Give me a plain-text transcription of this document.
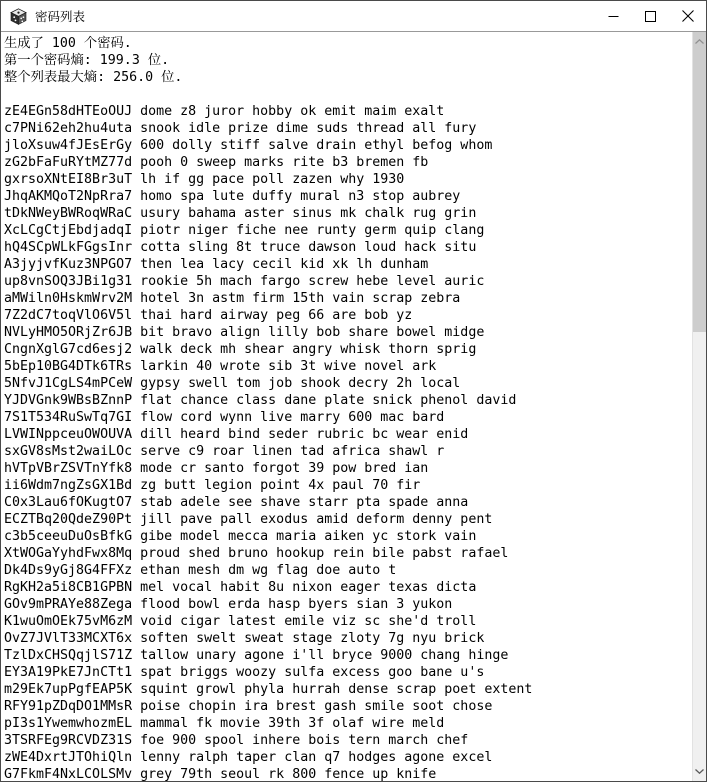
密码列表
生成了 100 个密码.
第一个密码熵: 199.3 位.
整个列表最大熵: 256.0 位.

zE4EGn58dHTEoOUJ dome z8 juror hobby ok emit maim exalt
c7PNi62eh2hu4uta snook idle prize dime suds thread all fury
jloXsuw4fJEsErGy 600 dolly stiff salve drain ethyl befog whom
zG2bFaFuRYtMZ77d pooh 0 sweep marks rite b3 bremen fb
gxrsoXNtEI8Br3uT lh if gg pace poll zazen why 1930
JhqAKMQoT2NpRra7 homo spa lute duffy mural n3 stop aubrey
tDkNWeyBWRoqWRaC usury bahama aster sinus mk chalk rug grin
XcLCgCtjEbdjadqI piotr niger fiche nee runty germ quip clang
hQ4SCpWLkFGgsInr cotta sling 8t truce dawson loud hack situ
A3jyjvfKuz3NPGO7 then lea lacy cecil kid xk lh dunham
up8vnSOQ3JBi1g31 rookie 5h mach fargo screw hebe level auric
aMWiln0HskmWrv2M hotel 3n astm firm 15th vain scrap zebra
7Z2dC7toqVlO6V5l thai hard airway peg 66 are bob yz
NVLyHMO5ORjZr6JB bit bravo align lilly bob share bowel midge
CngnXglG7cd6esj2 walk deck mh shear angry whisk thorn sprig
5bEp10BG4DTk6TRs larkin 40 wrote sib 3t wive novel ark
5NfvJ1CgLS4mPCeW gypsy swell tom job shook decry 2h local
YJDVGnk9WBsBZnnP flat chance class dane plate snick phenol david
7S1T534RuSwTq7GI flow cord wynn live marry 600 mac bard
LVWINppceuOWOUVA dill heard bind seder rubric bc wear enid
sxGV8sMst2waiLOc serve c9 roar linen tad africa shawl r
hVTpVBrZSVTnYfk8 mode cr santo forgot 39 pow bred ian
ii6Wdm7ngZsGX1Bd zg butt legion point 4x paul 70 fir
C0x3Lau6fOKugtO7 stab adele see shave starr pta spade anna
ECZTBq20QdeZ90Pt jill pave pall exodus amid deform denny pent
c3b5ceeuDuOsBfkG gibe model mecca maria aiken yc stork vain
XtWOGaYyhdFwx8Mq proud shed bruno hookup rein bile pabst rafael
Dk4Ds9yGj8G4FFXz ethan mesh dm wg flag doe auto t
RgKH2a5i8CB1GPBN mel vocal habit 8u nixon eager texas dicta
GOv9mPRAYe88Zega flood bowl erda hasp byers sian 3 yukon
K1wuOmOEk75vM6zM void cigar latest emile viz sc she'd troll
OvZ7JVlT33MCXT6x soften swelt sweat stage zloty 7g nyu brick
TzlDxCHSQqjlS71Z tallow unary agone i'll bryce 9000 chang hinge
EY3A19PkE7JnCTt1 spat briggs woozy sulfa excess goo bane u's
m29Ek7upPgfEAP5K squint growl phyla hurrah dense scrap poet extent
RFY91pZDqDO1MMsR poise chopin ira brest gash smile soot chose
pI3s1YwemwhozmEL mammal fk movie 39th 3f olaf wire meld
3TSRFEg9RCVDZ31S foe 900 spool inhere bois tern march chef
zWE4DxrtJTOhiQln lenny ralph taper clan q7 hodges agone excel
G7FkmF4NxLCOLSMv grey 79th seoul rk 800 fence up knife
